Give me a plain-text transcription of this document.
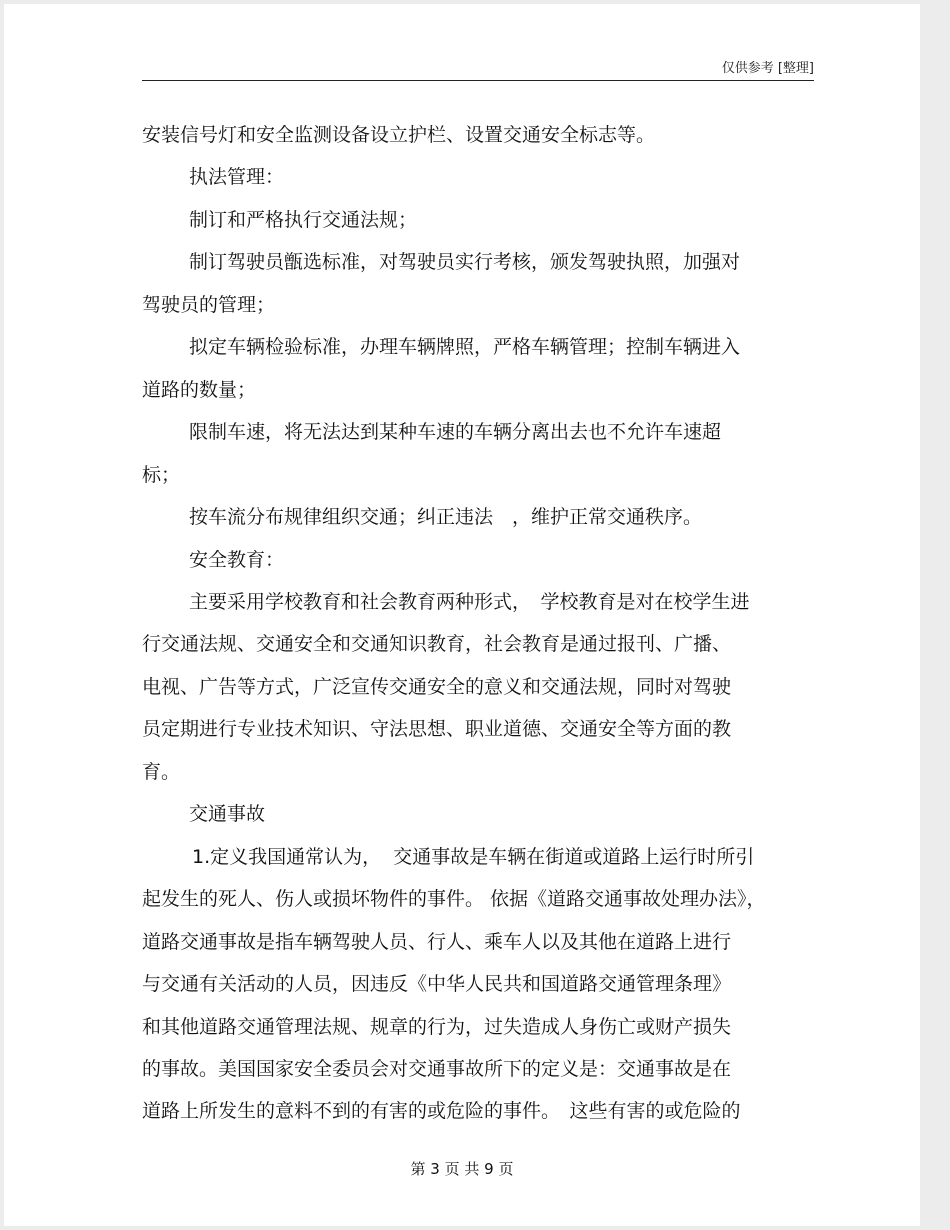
仅供参考 [整理]
安装信号灯和安全监测设备设立护栏、设置交通安全标志等。
执法管理：
制订和严格执行交通法规；
制订驾驶员甑选标准，对驾驶员实行考核，颁发驾驶执照，加强对
驾驶员的管理；
拟定车辆检验标准，办理车辆牌照，严格车辆管理；控制车辆进入
道路的数量；
限制车速，将无法达到某种车速的车辆分离出去也不允许车速超
标；
按车流分布规律组织交通；纠正违法　，维护正常交通秩序。
安全教育：
主要采用学校教育和社会教育两种形式，　学校教育是对在校学生进
行交通法规、交通安全和交通知识教育，社会教育是通过报刊、广播、
电视、广告等方式，广泛宣传交通安全的意义和交通法规，同时对驾驶
员定期进行专业技术知识、守法思想、职业道德、交通安全等方面的教
育。
交通事故
1.定义我国通常认为，  交通事故是车辆在街道或道路上运行时所引
起发生的死人、伤人或损坏物件的事件。 依据《道路交通事故处理办法》，
道路交通事故是指车辆驾驶人员、行人、乘车人以及其他在道路上进行
与交通有关活动的人员，因违反《中华人民共和国道路交通管理条理》
和其他道路交通管理法规、规章的行为，过失造成人身伤亡或财产损失
的事故。美国国家安全委员会对交通事故所下的定义是：交通事故是在
道路上所发生的意料不到的有害的或危险的事件。　这些有害的或危险的
第 3 页 共 9 页
